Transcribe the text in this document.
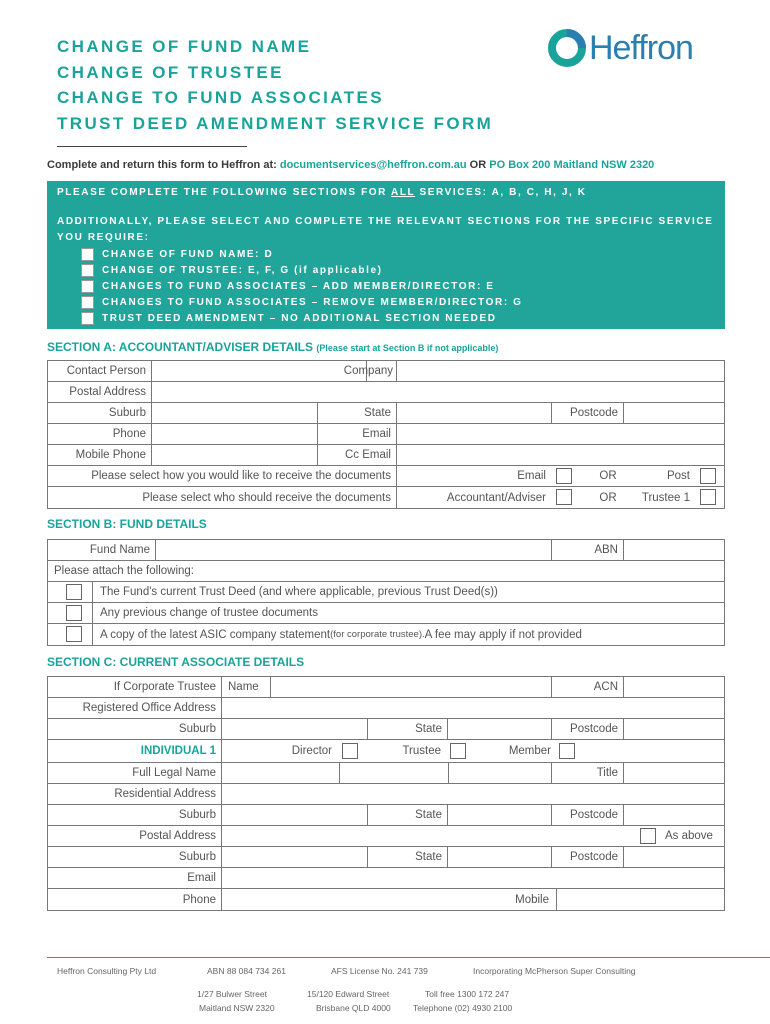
CHANGE OF FUND NAME
CHANGE OF TRUSTEE
CHANGE TO FUND ASSOCIATES
TRUST DEED AMENDMENT SERVICE FORM
Heffron
Complete and return this form to Heffron at: documentservices@heffron.com.au OR PO Box 200 Maitland NSW 2320
PLEASE COMPLETE THE FOLLOWING SECTIONS FOR ALL SERVICES: A, B, C, H, J, K
ADDITIONALLY, PLEASE SELECT AND COMPLETE THE RELEVANT SECTIONS FOR THE SPECIFIC SERVICE YOU REQUIRE:
CHANGE OF FUND NAME: D
CHANGE OF TRUSTEE: E, F, G (if applicable)
CHANGES TO FUND ASSOCIATES – ADD MEMBER/DIRECTOR: E
CHANGES TO FUND ASSOCIATES – REMOVE MEMBER/DIRECTOR: G
TRUST DEED AMENDMENT – NO ADDITIONAL SECTION NEEDED
SECTION A: ACCOUNTANT/ADVISER DETAILS (Please start at Section B if not applicable)
Contact Person	Company
Postal Address
Suburb	State	Postcode
Phone	Email
Mobile Phone	Cc Email
Please select how you would like to receive the documents	Email	OR	Post
Please select who should receive the documents	Accountant/Adviser	OR	Trustee 1
SECTION B: FUND DETAILS
Fund Name	ABN
Please attach the following:
The Fund's current Trust Deed (and where applicable, previous Trust Deed(s))
Any previous change of trustee documents
A copy of the latest ASIC company statement (for corporate trustee). A fee may apply if not provided
SECTION C: CURRENT ASSOCIATE DETAILS
If Corporate Trustee	Name	ACN
Registered Office Address
Suburb	State	Postcode
INDIVIDUAL 1	Director	Trustee	Member
Full Legal Name	Title
Residential Address
Suburb	State	Postcode
Postal Address	As above
Suburb	State	Postcode
Email
Phone	Mobile
Heffron Consulting Pty Ltd	ABN 88 084 734 261	AFS License No. 241 739	Incorporating McPherson Super Consulting
1/27 Bulwer Street
Maitland NSW 2320
15/120 Edward Street
Brisbane QLD 4000
Toll free 1300 172 247
Telephone (02) 4930 2100
